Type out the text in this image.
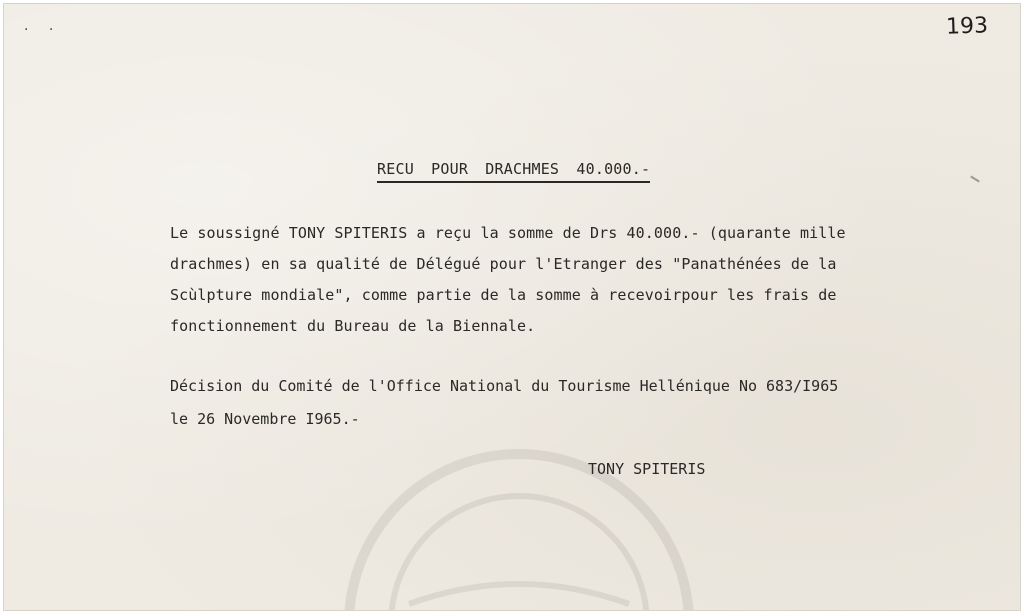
· ·	193
RECU POUR DRACHMES 40.000.-
Le soussigné TONY SPITERIS a reçu la somme de Drs 40.000.- (quarante mille
drachmes) en sa qualité de Délégué pour l'Etranger des "Panathénées de la
Scùlpture mondiale", comme partie de la somme à recevoirpour les frais de
fonctionnement du Bureau de la Biennale.
Décision du Comité de l'Office National du Tourisme Hellénique No 683/I965
le 26 Novembre I965.-
TONY SPITERIS
